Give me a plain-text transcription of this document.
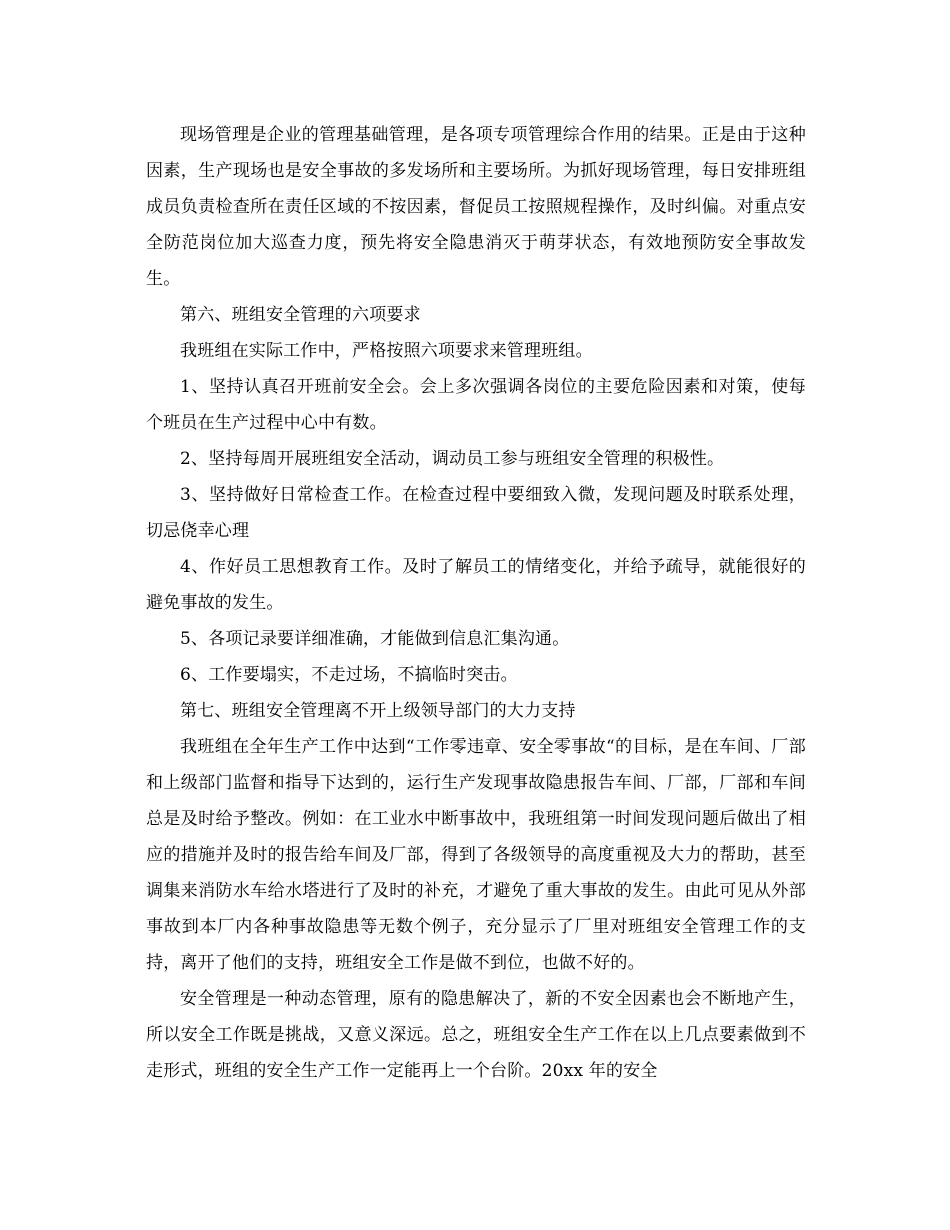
现场管理是企业的管理基础管理，是各项专项管理综合作用的结果。正是由于这种因素，生产现场也是安全事故的多发场所和主要场所。为抓好现场管理，每日安排班组成员负责检查所在责任区域的不按因素，督促员工按照规程操作，及时纠偏。对重点安全防范岗位加大巡查力度，预先将安全隐患消灭于萌芽状态，有效地预防安全事故发生。

第六、班组安全管理的六项要求

我班组在实际工作中，严格按照六项要求来管理班组。

1、坚持认真召开班前安全会。会上多次强调各岗位的主要危险因素和对策，使每个班员在生产过程中心中有数。

2、坚持每周开展班组安全活动，调动员工参与班组安全管理的积极性。

3、坚持做好日常检查工作。在检查过程中要细致入微，发现问题及时联系处理，切忌侥幸心理

4、作好员工思想教育工作。及时了解员工的情绪变化，并给予疏导，就能很好的避免事故的发生。

5、各项记录要详细准确，才能做到信息汇集沟通。

6、工作要塌实，不走过场，不搞临时突击。

第七、班组安全管理离不开上级领导部门的大力支持

我班组在全年生产工作中达到“工作零违章、安全零事故“的目标，是在车间、厂部和上级部门监督和指导下达到的，运行生产发现事故隐患报告车间、厂部，厂部和车间总是及时给予整改。例如：在工业水中断事故中，我班组第一时间发现问题后做出了相应的措施并及时的报告给车间及厂部，得到了各级领导的高度重视及大力的帮助，甚至调集来消防水车给水塔进行了及时的补充，才避免了重大事故的发生。由此可见从外部事故到本厂内各种事故隐患等无数个例子，充分显示了厂里对班组安全管理工作的支持，离开了他们的支持，班组安全工作是做不到位，也做不好的。

安全管理是一种动态管理，原有的隐患解决了，新的不安全因素也会不断地产生，所以安全工作既是挑战，又意义深远。总之，班组安全生产工作在以上几点要素做到不走形式，班组的安全生产工作一定能再上一个台阶。20xx 年的安全
